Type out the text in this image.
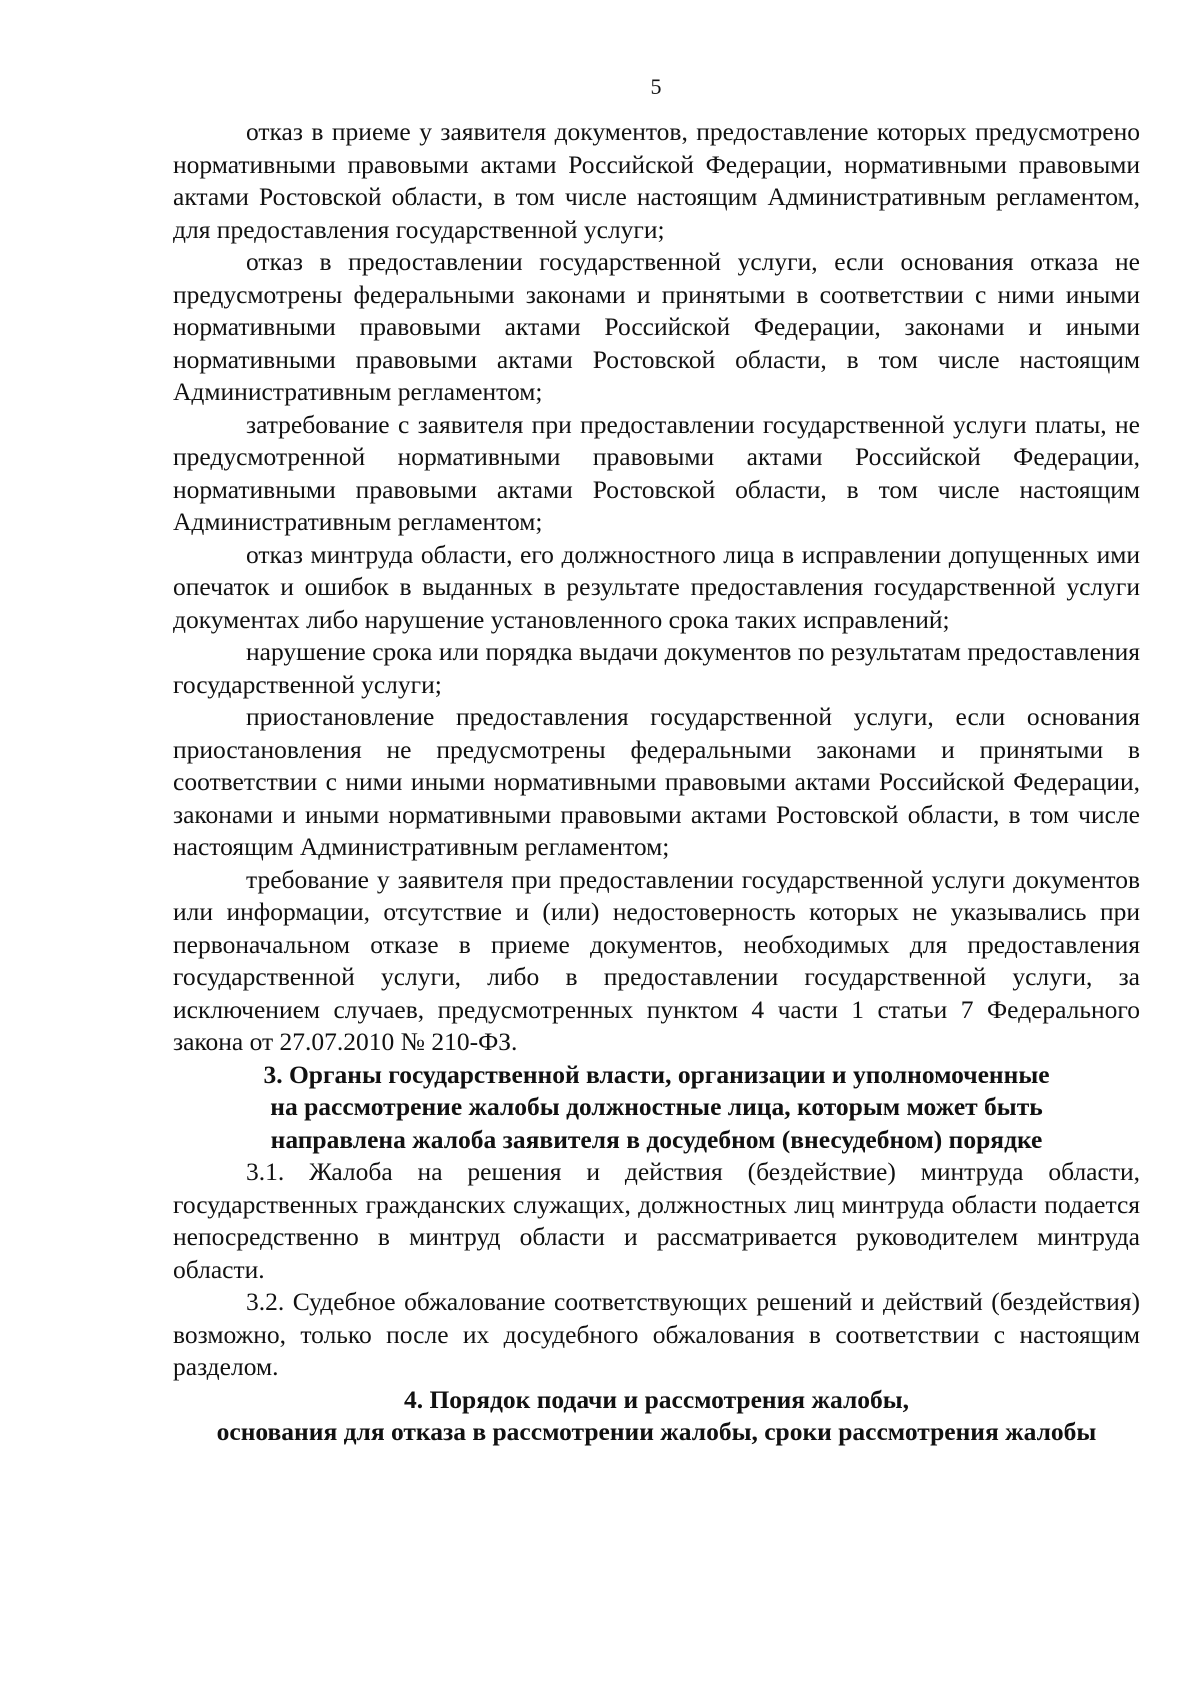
5

отказ в приеме у заявителя документов, предоставление которых предусмотрено нормативными правовыми актами Российской Федерации, нормативными правовыми актами Ростовской области, в том числе настоящим Административным регламентом, для предоставления государственной услуги;

отказ в предоставлении государственной услуги, если основания отказа не предусмотрены федеральными законами и принятыми в соответствии с ними иными нормативными правовыми актами Российской Федерации, законами и иными нормативными правовыми актами Ростовской области, в том числе настоящим Административным регламентом;

затребование с заявителя при предоставлении государственной услуги платы, не предусмотренной нормативными правовыми актами Российской Федерации, нормативными правовыми актами Ростовской области, в том числе настоящим Административным регламентом;

отказ минтруда области, его должностного лица в исправлении допущенных ими опечаток и ошибок в выданных в результате предоставления государственной услуги документах либо нарушение установленного срока таких исправлений;

нарушение срока или порядка выдачи документов по результатам предоставления государственной услуги;

приостановление предоставления государственной услуги, если основания приостановления не предусмотрены федеральными законами и принятыми в соответствии с ними иными нормативными правовыми актами Российской Федерации, законами и иными нормативными правовыми актами Ростовской области, в том числе настоящим Административным регламентом;

требование у заявителя при предоставлении государственной услуги документов или информации, отсутствие и (или) недостоверность которых не указывались при первоначальном отказе в приеме документов, необходимых для предоставления государственной услуги, либо в предоставлении государственной услуги, за исключением случаев, предусмотренных пунктом 4 части 1 статьи 7 Федерального закона от 27.07.2010 № 210-ФЗ.

3. Органы государственной власти, организации и уполномоченные
на рассмотрение жалобы должностные лица, которым может быть
направлена жалоба заявителя в досудебном (внесудебном) порядке

3.1. Жалоба на решения и действия (бездействие) минтруда области, государственных гражданских служащих, должностных лиц минтруда области подается непосредственно в минтруд области и рассматривается руководителем минтруда области.

3.2. Судебное обжалование соответствующих решений и действий (бездействия) возможно, только после их досудебного обжалования в соответствии с настоящим разделом.

4. Порядок подачи и рассмотрения жалобы,
основания для отказа в рассмотрении жалобы, сроки рассмотрения жалобы
